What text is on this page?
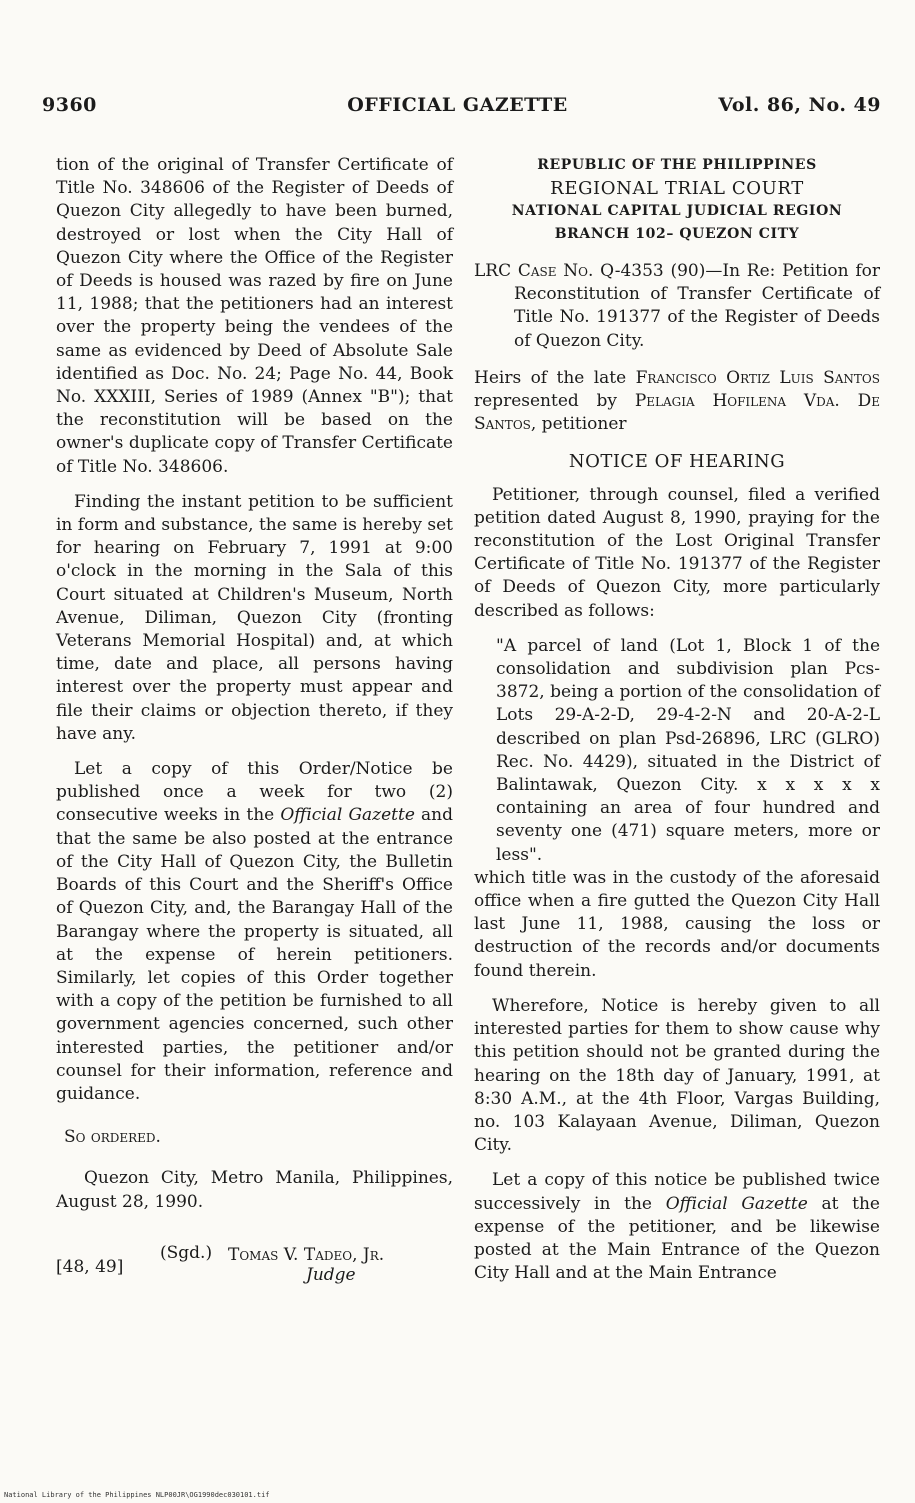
9360	OFFICIAL GAZETTE	Vol. 86, No. 49

tion of the original of Transfer Certificate of Title No. 348606 of the Register of Deeds of Quezon City allegedly to have been burned, destroyed or lost when the City Hall of Quezon City where the Office of the Register of Deeds is housed was razed by fire on June 11, 1988; that the petitioners had an interest over the property being the vendees of the same as evidenced by Deed of Absolute Sale identified as Doc. No. 24; Page No. 44, Book No. XXXIII, Series of 1989 (Annex "B"); that the reconstitution will be based on the owner's duplicate copy of Transfer Certificate of Title No. 348606.

Finding the instant petition to be sufficient in form and substance, the same is hereby set for hearing on February 7, 1991 at 9:00 o'clock in the morning in the Sala of this Court situated at Children's Museum, North Avenue, Diliman, Quezon City (fronting Veterans Memorial Hospital) and, at which time, date and place, all persons having interest over the property must appear and file their claims or objection thereto, if they have any.

Let a copy of this Order/Notice be published once a week for two (2) consecutive weeks in the Official Gazette and that the same be also posted at the entrance of the City Hall of Quezon City, the Bulletin Boards of this Court and the Sheriff's Office of Quezon City, and, the Barangay Hall of the Barangay where the property is situated, all at the expense of herein petitioners. Similarly, let copies of this Order together with a copy of the petition be furnished to all government agencies concerned, such other interested parties, the petitioner and/or counsel for their information, reference and guidance.

So ordered.

Quezon City, Metro Manila, Philippines, August 28, 1990.

[48, 49]
(Sgd.) Tomas V. Tadeo, Jr.
Judge
REPUBLIC OF THE PHILIPPINES
REGIONAL TRIAL COURT
NATIONAL CAPITAL JUDICIAL REGION
BRANCH 102– QUEZON CITY

LRC Case No. Q-4353 (90)—In Re: Petition for Reconstitution of Transfer Certificate of Title No. 191377 of the Register of Deeds of Quezon City.

Heirs of the late Francisco Ortiz Luis Santos represented by Pelagia Hofilena Vda. De Santos, petitioner

NOTICE OF HEARING

Petitioner, through counsel, filed a verified petition dated August 8, 1990, praying for the reconstitution of the Lost Original Transfer Certificate of Title No. 191377 of the Register of Deeds of Quezon City, more particularly described as follows:

"A parcel of land (Lot 1, Block 1 of the consolidation and subdivision plan Pcs-3872, being a portion of the consolidation of Lots 29-A-2-D, 29-4-2-N and 20-A-2-L described on plan Psd-26896, LRC (GLRO) Rec. No. 4429), situated in the District of Balintawak, Quezon City. x x x x x containing an area of four hundred and seventy one (471) square meters, more or less".

which title was in the custody of the aforesaid office when a fire gutted the Quezon City Hall last June 11, 1988, causing the loss or destruction of the records and/or documents found therein.

Wherefore, Notice is hereby given to all interested parties for them to show cause why this petition should not be granted during the hearing on the 18th day of January, 1991, at 8:30 A.M., at the 4th Floor, Vargas Building, no. 103 Kalayaan Avenue, Diliman, Quezon City.

Let a copy of this notice be published twice successively in the Official Gazette at the expense of the petitioner, and be likewise posted at the Main Entrance of the Quezon City Hall and at the Main Entrance

National Library of the Philippines NLP00JR\OG1990dec030101.tif
